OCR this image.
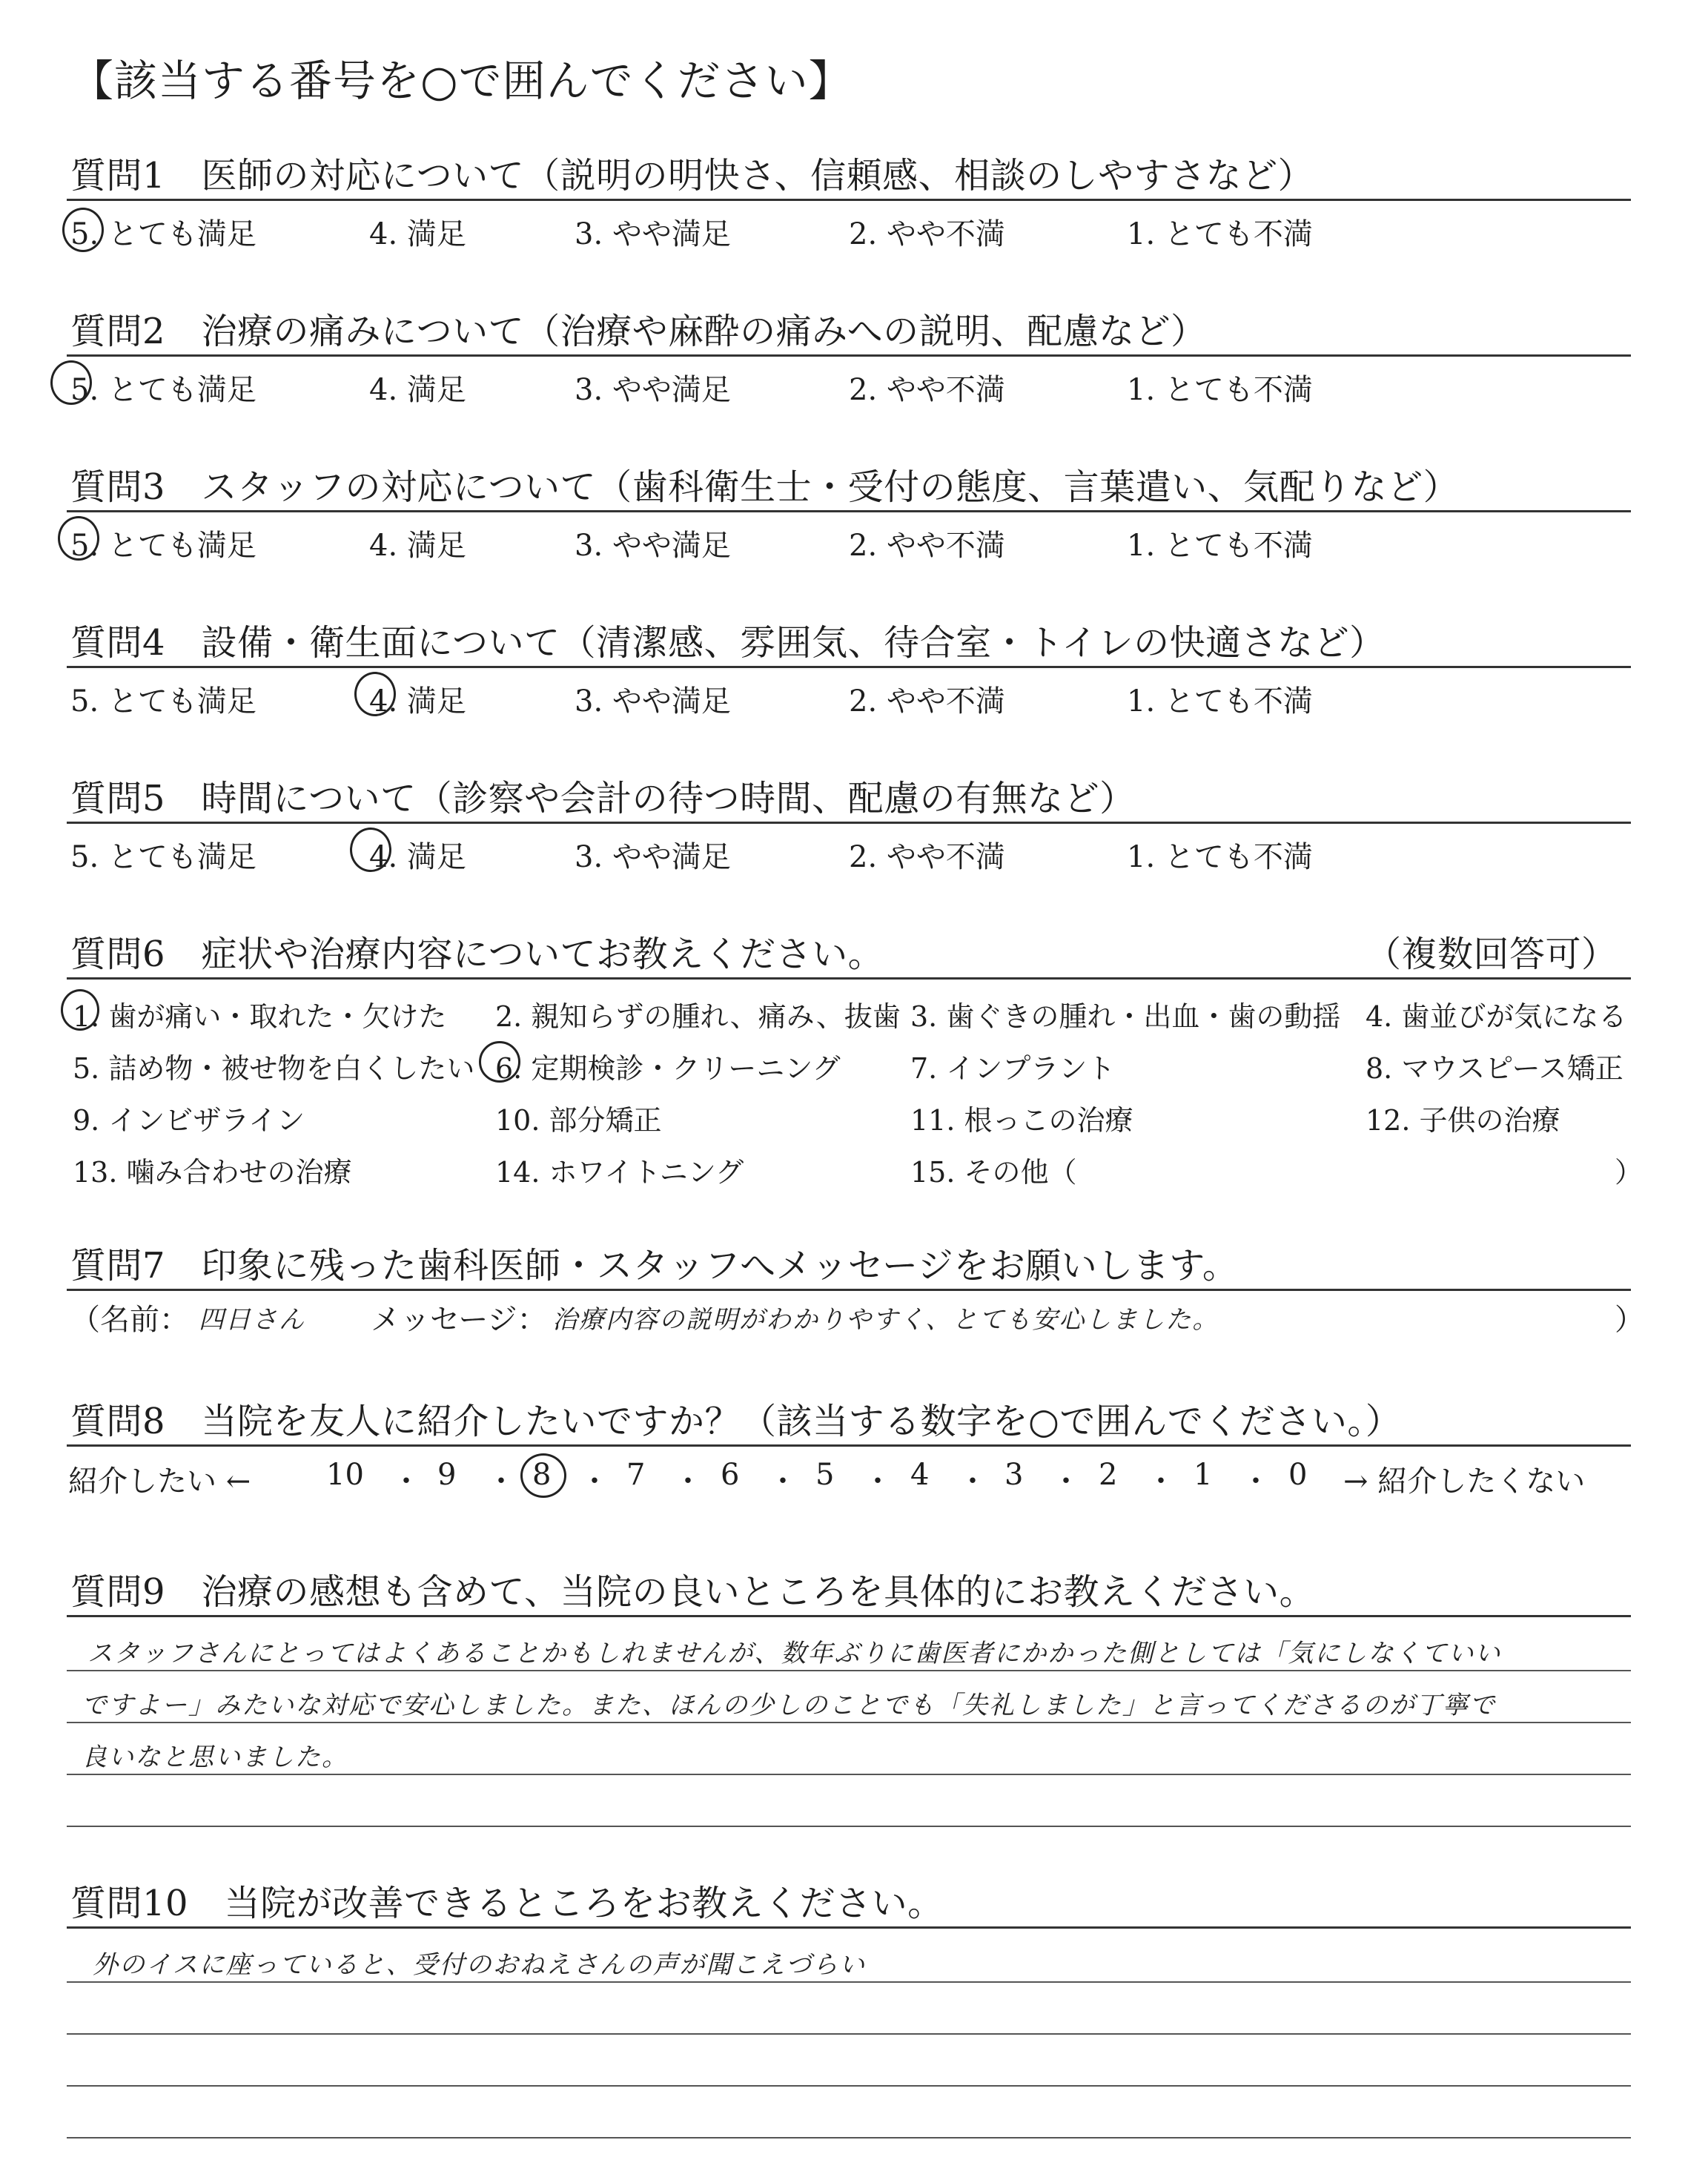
【該当する番号を○で囲んでください】
質問1　医師の対応について（説明の明快さ、信頼感、相談のしやすさなど）
5. とても満足	4. 満足	3. やや満足	2. やや不満	1. とても不満
質問2　治療の痛みについて（治療や麻酔の痛みへの説明、配慮など）
5. とても満足	4. 満足	3. やや満足	2. やや不満	1. とても不満
質問3　スタッフの対応について（歯科衛生士・受付の態度、言葉遣い、気配りなど）
5. とても満足	4. 満足	3. やや満足	2. やや不満	1. とても不満
質問4　設備・衛生面について（清潔感、雰囲気、待合室・トイレの快適さなど）
5. とても満足	4. 満足	3. やや満足	2. やや不満	1. とても不満
質問5　時間について（診察や会計の待つ時間、配慮の有無など）
5. とても満足	4. 満足	3. やや満足	2. やや不満	1. とても不満
質問6　症状や治療内容についてお教えください。	（複数回答可）
1. 歯が痛い・取れた・欠けた 2. 親知らずの腫れ、痛み、抜歯 3. 歯ぐきの腫れ・出血・歯の動揺 4. 歯並びが気になる
5. 詰め物・被せ物を白くしたい 6. 定期検診・クリーニング 7. インプラント	8. マウスピース矯正
9. インビザライン	10. 部分矯正	11. 根っこの治療	12. 子供の治療
13. 噛み合わせの治療	14. ホワイトニング	15. その他（	）
質問7　印象に残った歯科医師・スタッフへメッセージをお願いします。
（名前： 四日さん メッセージ： 治療内容の説明がわかりやすく、とても安心しました。	）
質問8　当院を友人に紹介したいですか？（該当する数字を○で囲んでください。）
紹介したい ←	10 ・ 9 ・ 8 ・ 7 ・ 6 ・ 5 ・ 4 ・ 3 ・ 2 ・ 1 ・ 0 → 紹介したくない
質問9　治療の感想も含めて、当院の良いところを具体的にお教えください。
スタッフさんにとってはよくあることかもしれませんが、数年ぶりに歯医者にかかった側としては「気にしなくていい
ですよー」みたいな対応で安心しました。また、ほんの少しのことでも「失礼しました」と言ってくださるのが丁寧で
良いなと思いました。
質問10　当院が改善できるところをお教えください。
外のイスに座っていると、受付のおねえさんの声が聞こえづらい
